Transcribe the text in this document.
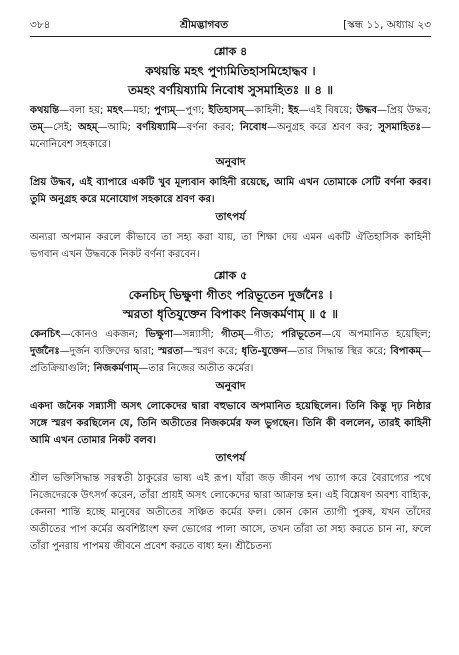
৩৮৪	শ্রীমদ্ভাগবত	[স্কন্ধ ১১, অধ্যায় ২৩
শ্লোক ৪
কথয়ন্তি মহৎ পুণ্যমিতিহাসমিহোদ্ধব ।
তমহং বর্ণয়িষ্যামি নিবোধ সুসমাহিতঃ ॥ ৪ ॥
কথয়ন্তি—বলা হয়; মহৎ—মহা; পুণ্যম্—পুণ্য; ইতিহাসম্—কাহিনী; ইহ—এই বিষয়ে; উদ্ধব—প্রিয় উদ্ধব; তম্—সেই; অহম্—আমি; বর্ণয়িষ্যামি—বর্ণনা করব; নিবোধ—অনুগ্রহ করে শ্রবণ কর; সুসমাহিতঃ—মনোনিবেশ সহকারে।
অনুবাদ
প্রিয় উদ্ধব, এই ব্যাপারে একটি খুব মূল্যবান কাহিনী রয়েছে, আমি এখন তোমাকে সেটি বর্ণনা করব। তুমি অনুগ্রহ করে মনোযোগ সহকারে শ্রবণ কর।
তাৎপর্য
অন্যরা অপমান করলে কীভাবে তা সহ্য করা যায়, তা শিক্ষা দেয় এমন একটি ঐতিহাসিক কাহিনী ভগবান এখন উদ্ধবকে নিকট বর্ণনা করবেন।
শ্লোক ৫
কেনচিদ্ ভিক্ষুণা গীতং পরিভূতেন দুর্জনৈঃ ।
স্মরতা ধৃতিযুক্তেন বিপাকং নিজকর্মণাম্ ॥ ৫ ॥
কেনচিৎ—কোনও একজন; ভিক্ষুণা—সন্ন্যাসী; গীতম্—গীত; পরিভূতেন—যে অপমানিত হয়েছিল; দুর্জনৈঃ—দুর্জন ব্যক্তিদের দ্বারা; স্মরতা—স্মরণ করে; ধৃতি-যুক্তেন—তার সিদ্ধান্ত স্থির করে; বিপাকম্—প্রতিক্রিয়াগুলি; নিজকর্মণাম্—তার নিজের অতীত কর্মের।
অনুবাদ
একদা জনৈক সন্ন্যাসী অসৎ লোকেদের দ্বারা বহুভাবে অপমানিত হয়েছিলেন। তিনি কিন্তু দৃঢ় নিষ্ঠার সঙ্গে স্মরণ করছিলেন যে, তিনি অতীতের নিজকর্মের ফল ভুগছেন। তিনি কী বললেন, তারই কাহিনী আমি এখন তোমার নিকট বলব।
তাৎপর্য
শ্রীল ভক্তিসিদ্ধান্ত সরস্বতী ঠাকুরের ভাষ্য এই রূপ। যাঁরা জড় জীবন পথ ত্যাগ করে বৈরাগ্যের পথে নিজেদেরকে উৎসর্গ করেন, তাঁরা প্রায়ই অসৎ লোকেদের দ্বারা আক্রান্ত হন। এই বিশ্লেষণ অবশ্য বাহ্যিক, কেননা শান্তি হচ্ছে মানুষের অতীতের সঞ্চিত কর্মের ফল। কোন কোন ত্যাগী পুরুষ, যখন তাঁদের অতীতের পাপ কর্মের অবশিষ্টাংশ ফল ভোগের পালা আসে, তখন তাঁরা তা সহ্য করতে চান না, ফলে তাঁরা পুনরায় পাপময় জীবনে প্রবেশ করতে বাধ্য হন। শ্রীচৈতন্য
